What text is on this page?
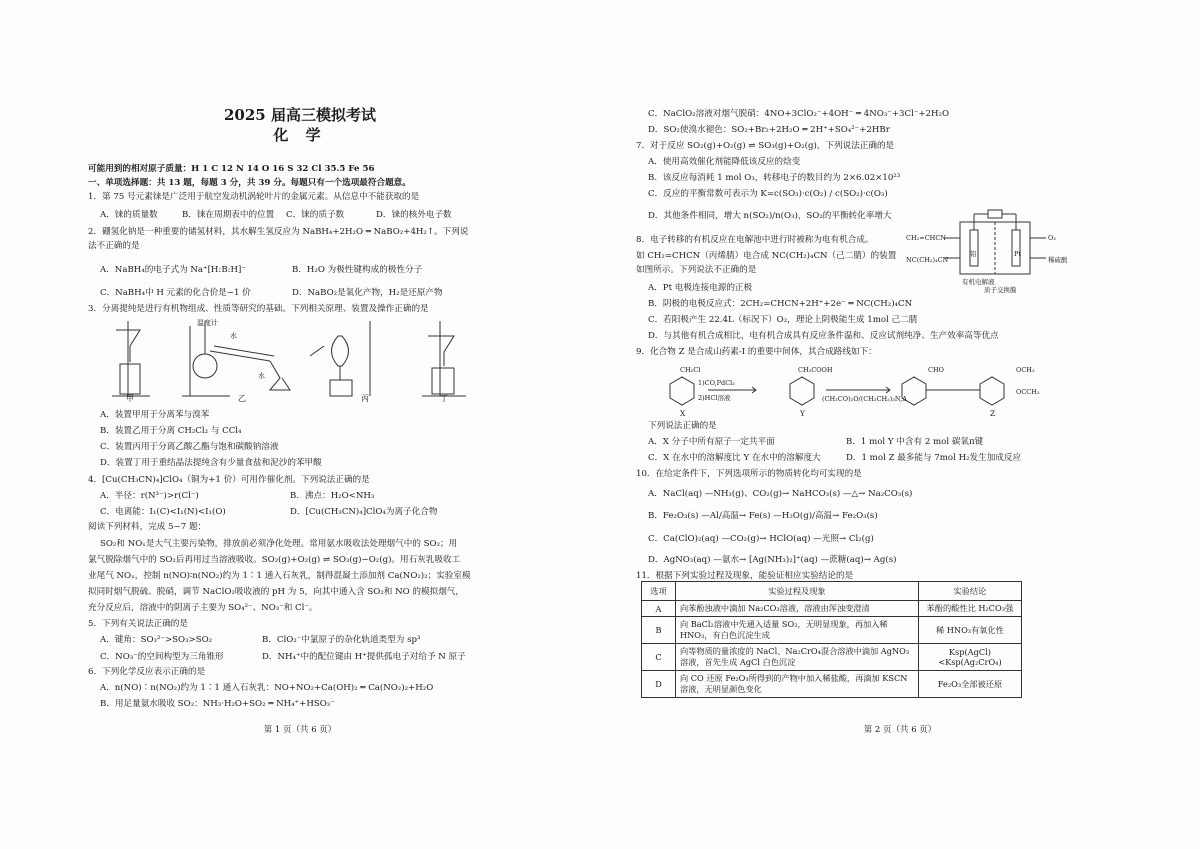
2025 届高三模拟考试
化 学
可能用到的相对原子质量：H 1 C 12 N 14 O 16 S 32 Cl 35.5 Fe 56
一、单项选择题：共 13 题，每题 3 分，共 39 分。每题只有一个选项最符合题意。
1．第 75 号元素铼是广泛用于航空发动机涡轮叶片的金属元素。从信息中不能获取的是
A．铼的质量数	B．铼在周期表中的位置 C．铼的质子数	D．铼的核外电子数
2．硼氢化钠是一种重要的储氢材料，其水解生氢反应为 NaBH₄+2H₂O ═ NaBO₂+4H₂↑。下列说
法不正确的是
A．NaBH₄的电子式为 Na⁺[H:B:H]⁻	B．H₂O 为极性键构成的极性分子
C．NaBH₄中 H 元素的化合价是−1 价	D．NaBO₂是氧化产物，H₂是还原产物
3．分离提纯是进行有机物组成、性质等研究的基础。下列相关原理、装置及操作正确的是
温度计
水
水
甲	乙	丙	丁
A．装置甲用于分离苯与溴苯
B．装置乙用于分离 CH₂Cl₂ 与 CCl₄
C．装置丙用于分离乙酸乙酯与饱和碳酸钠溶液
D．装置丁用于重结晶法提纯含有少量食盐和泥沙的苯甲酸
4．[Cu(CH₃CN)₄]ClO₄（铜为+1 价）可用作催化剂。下列说法正确的是
A．半径：r(N³⁻)>r(Cl⁻)	B．沸点：H₂O<NH₃
C．电离能：I₁(C)<I₁(N)<I₁(O)	D．[Cu(CH₃CN)₄]ClO₄为离子化合物
阅读下列材料，完成 5~7 题：
SO₂和 NOₓ是大气主要污染物，排放前必须净化处理。常用氨水吸收法处理烟气中的 SO₂；用
氯气脱除烟气中的 SO₂后再用过当溶液吸收。SO₂(g)+O₂(g) ⇌ SO₃(g)−O₂(g)。用石灰乳吸收工
业尾气 NOₓ，控制 n(NO)∶n(NO₂)约为 1∶1 通入石灰乳，制得混凝土添加剂 Ca(NO₂)₂；实验室模
拟同时烟气脱硫、脱硝，调节 NaClO₂吸收液的 pH 为 5，向其中通入含 SO₂和 NO 的模拟烟气，
充分反应后，溶液中的阴离子主要为 SO₄²⁻、NO₃⁻和 Cl⁻。
5．下列有关说法正确的是
A．键角：SO₃²⁻>SO₃>SO₂	B．ClO₂⁻中氯原子的杂化轨道类型为 sp³
C．NO₃⁻的空间构型为三角锥形	D．NH₄⁺中的配位键由 H⁺提供孤电子对给予 N 原子
6．下列化学反应表示正确的是
A．n(NO)∶n(NO₂)约为 1∶1 通入石灰乳：NO+NO₂+Ca(OH)₂ ═ Ca(NO₂)₂+H₂O
B．用足量氨水吸收 SO₂：NH₃·H₂O+SO₂ ═ NH₄⁺+HSO₃⁻
第 1 页（共 6 页）
C．NaClO₂溶液对烟气脱硝：4NO+3ClO₂⁻+4OH⁻ ═ 4NO₃⁻+3Cl⁻+2H₂O
D．SO₂使溴水褪色：SO₂+Br₂+2H₂O ═ 2H⁺+SO₄²⁻+2HBr
7．对于反应 SO₂(g)+O₂(g) ⇌ SO₃(g)+O₂(g)，下列说法正确的是
A．使用高效催化剂能降低该反应的焓变
B．该反应每消耗 1 mol O₃，转移电子的数目约为 2×6.02×10²³
C．反应的平衡常数可表示为 K=c(SO₃)·c(O₂) / c(SO₂)·c(O₃)
D．其他条件相同，增大 n(SO₂)/n(O₃)，SO₂的平衡转化率增大
8．电子转移的有机反应在电解池中进行时被称为电有机合成。
如 CH₂=CHCN（丙烯腈）电合成 NC(CH₂)₄CN（己二腈）的装置
如图所示。下列说法不正确的是
CH₂=CHCN
NC(CH₂)₄CN
O₂
稀硫酸
铅	Pt
有机电解液
质子交换膜
A．Pt 电极连接电源的正极
B．阴极的电极反应式：2CH₂=CHCN+2H⁺+2e⁻ ═ NC(CH₂)₄CN
C．若阳极产生 22.4L（标况下）O₂，理论上阴极能生成 1mol 己二腈
D．与其他有机合成相比，电有机合成具有反应条件温和、反应试剂纯净、生产效率高等优点
9．化合物 Z 是合成山药素-I 的重要中间体，其合成路线如下：
1)CO,PdCl₂
2)HCl溶液	(CH₃CO)₂O/(CH₃CH₂)₃N,Δ
CH₂Cl	CH₂COOH	CHO	OCH₃
OCCH₃
X	Y	Z
下列说法正确的是
A．X 分子中所有原子一定共平面	B．1 mol Y 中含有 2 mol 碳氧π键
C．X 在水中的溶解度比 Y 在水中的溶解度大	D．1 mol Z 最多能与 7mol H₂发生加成反应
10．在给定条件下，下列选项所示的物质转化均可实现的是
A．NaCl(aq) —NH₃(g)、CO₂(g)→ NaHCO₃(s) —△→ Na₂CO₃(s)
B．Fe₂O₃(s) —Al/高温→ Fe(s) —H₂O(g)/高温→ Fe₂O₃(s)
C．Ca(ClO)₂(aq) —CO₂(g)→ HClO(aq) —光照→ Cl₂(g)
D．AgNO₃(aq) —氨水→ [Ag(NH₃)₂]⁺(aq) —蔗糖(aq)→ Ag(s)
11．根据下列实验过程及现象，能验证相应实验结论的是
第 2 页（共 6 页）
选项	实验过程及现象	实验结论
A	向苯酚浊液中滴加 Na₂CO₃溶液，溶液由浑浊变澄清	苯酚的酸性比 H₂CO₃强
B	向 BaCl₂溶液中先通入适量 SO₂，无明显现象，再加入稀 HNO₃，有白色沉淀生成	稀 HNO₃有氧化性
C	向等物质的量浓度的 NaCl、Na₂CrO₄混合溶液中滴加 AgNO₃溶液，首先生成 AgCl 白色沉淀	Ksp(AgCl)<Ksp(Ag₂CrO₄)
D	向 CO 还原 Fe₂O₃所得到的产物中加入稀盐酸，再滴加 KSCN 溶液，无明显颜色变化	Fe₂O₃全部被还原
